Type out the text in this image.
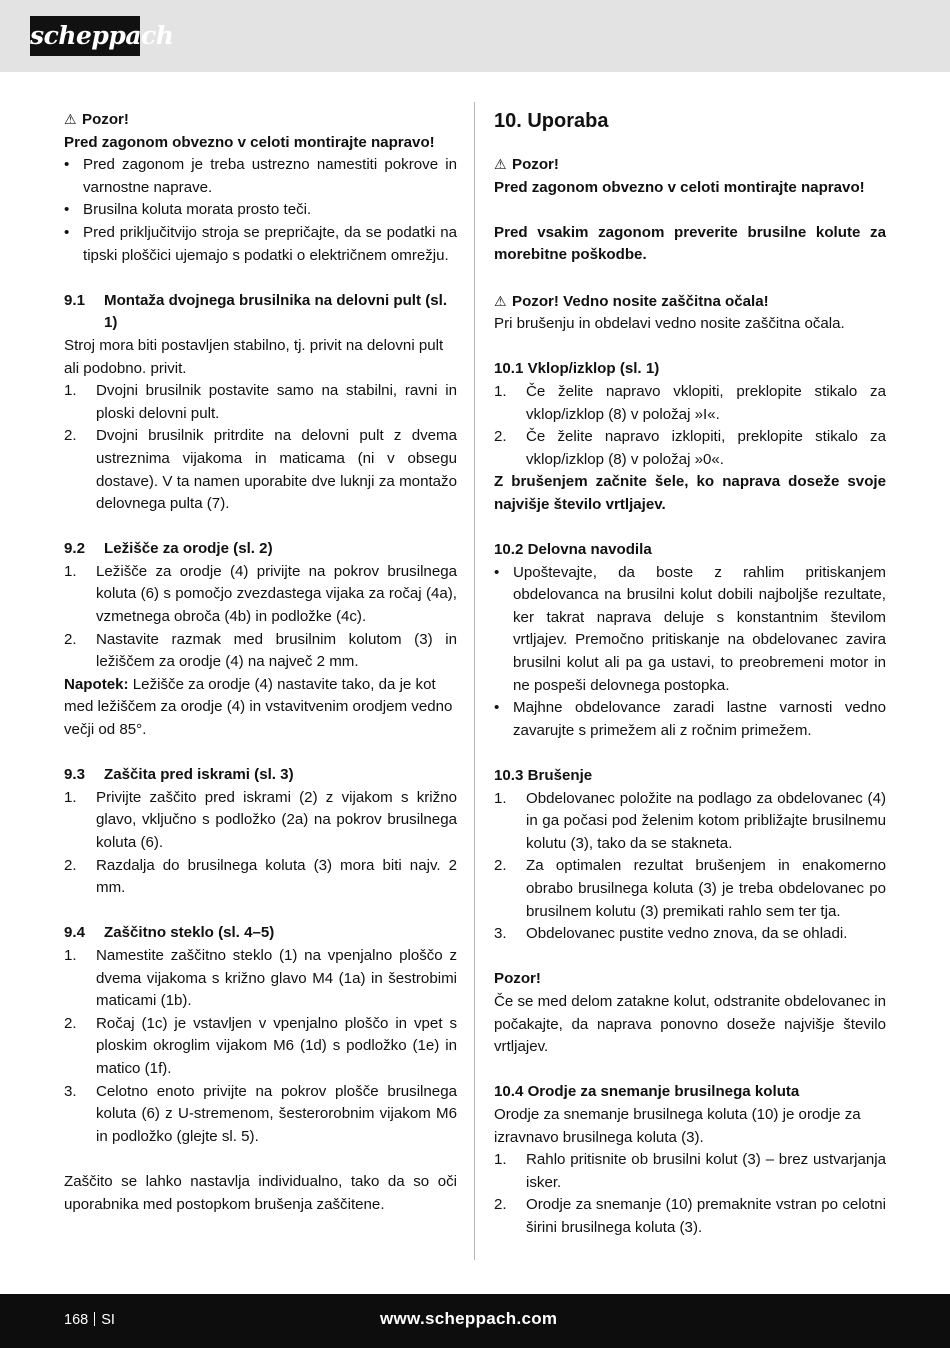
scheppach

⚠ Pozor!

Pred zagonom obvezno v celoti montirajte napravo!

• Pred zagonom je treba ustrezno namestiti pokrove in varnostne naprave.
• Brusilna koluta morata prosto teči.
• Pred priključitvijo stroja se prepričajte, da se podatki na tipski ploščici ujemajo s podatki o električnem omrežju.
9.1 Montaža dvojnega brusilnika na delovni pult (sl. 1)

Stroj mora biti postavljen stabilno, tj. privit na delovni pult ali podobno. privit.

1. Dvojni brusilnik postavite samo na stabilni, ravni in ploski delovni pult.
2. Dvojni brusilnik pritrdite na delovni pult z dvema ustreznima vijakoma in maticama (ni v obsegu dostave). V ta namen uporabite dve luknji za montažo delovnega pulta (7).
9.2 Ležišče za orodje (sl. 2)
1. Ležišče za orodje (4) privijte na pokrov brusilnega koluta (6) s pomočjo zvezdastega vijaka za ročaj (4a), vzmetnega obroča (4b) in podložke (4c).
2. Nastavite razmak med brusilnim kolutom (3) in ležiščem za orodje (4) na največ 2 mm.

Napotek: Ležišče za orodje (4) nastavite tako, da je kot med ležiščem za orodje (4) in vstavitvenim orodjem vedno večji od 85°.

9.3 Zaščita pred iskrami (sl. 3)
1. Privijte zaščito pred iskrami (2) z vijakom s križno glavo, vključno s podložko (2a) na pokrov brusilnega koluta (6).
2. Razdalja do brusilnega koluta (3) mora biti najv. 2 mm.
9.4 Zaščitno steklo (sl. 4–5)
1. Namestite zaščitno steklo (1) na vpenjalno ploščo z dvema vijakoma s križno glavo M4 (1a) in šestrobimi maticami (1b).
2. Ročaj (1c) je vstavljen v vpenjalno ploščo in vpet s ploskim okroglim vijakom M6 (1d) s podložko (1e) in matico (1f).
3. Celotno enoto privijte na pokrov plošče brusilnega koluta (6) z U-stremenom, šesterorobnim vijakom M6 in podložko (glejte sl. 5).

Zaščito se lahko nastavlja individualno, tako da so oči uporabnika med postopkom brušenja zaščitene.

10. Uporaba

⚠ Pozor!

Pred zagonom obvezno v celoti montirajte napravo!

Pred vsakim zagonom preverite brusilne kolute za morebitne poškodbe.

⚠ Pozor! Vedno nosite zaščitna očala!

Pri brušenju in obdelavi vedno nosite zaščitna očala.

10.1 Vklop/izklop (sl. 1)

1. Če želite napravo vklopiti, preklopite stikalo za vklop/izklop (8) v položaj »I«.
2. Če želite napravo izklopiti, preklopite stikalo za vklop/izklop (8) v položaj »0«.

Z brušenjem začnite šele, ko naprava doseže svoje najvišje število vrtljajev.

10.2 Delovna navodila

• Upoštevajte, da boste z rahlim pritiskanjem obdelovanca na brusilni kolut dobili najboljše rezultate, ker takrat naprava deluje s konstantnim številom vrtljajev. Premočno pritiskanje na obdelovanec zavira brusilni kolut ali pa ga ustavi, to preobremeni motor in ne pospeši delovnega postopka.
• Majhne obdelovance zaradi lastne varnosti vedno zavarujte s primežem ali z ročnim primežem.

10.3 Brušenje

1. Obdelovanec položite na podlago za obdelovanec (4) in ga počasi pod želenim kotom približajte brusilnemu kolutu (3), tako da se stakneta.
2. Za optimalen rezultat brušenjem in enakomerno obrabo brusilnega koluta (3) je treba obdelovanec po brusilnem kolutu (3) premikati rahlo sem ter tja.
3. Obdelovanec pustite vedno znova, da se ohladi.

Pozor!

Če se med delom zatakne kolut, odstranite obdelovanec in počakajte, da naprava ponovno doseže najvišje število vrtljajev.

10.4 Orodje za snemanje brusilnega koluta

Orodje za snemanje brusilnega koluta (10) je orodje za izravnavo brusilnega koluta (3).

1. Rahlo pritisnite ob brusilni kolut (3) – brez ustvarjanja isker.
2. Orodje za snemanje (10) premaknite vstran po celotni širini brusilnega koluta (3).
168 SI	www.scheppach.com
